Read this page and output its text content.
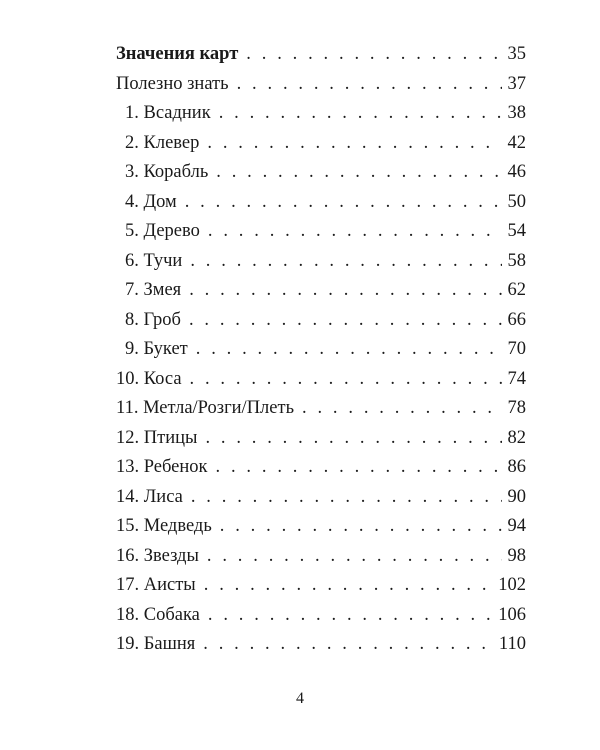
Значения карт . . .	35
Полезно знать . . .	37
1. Всадник . . .	38
2. Клевер . . .	42
3. Корабль . . .	46
4. Дом . . .	50
5. Дерево . . .	54
6. Тучи . . .	58
7. Змея . . .	62
8. Гроб . . .	66
9. Букет . . .	70
10. Коса . . .	74
11. Метла/Розги/Плеть . . .	78
12. Птицы . . .	82
13. Ребенок . . .	86
14. Лиса . . .	90
15. Медведь . . .	94
16. Звезды . . .	98
17. Аисты . . .	102
18. Собака . . .	106
19. Башня . . .	110
4
